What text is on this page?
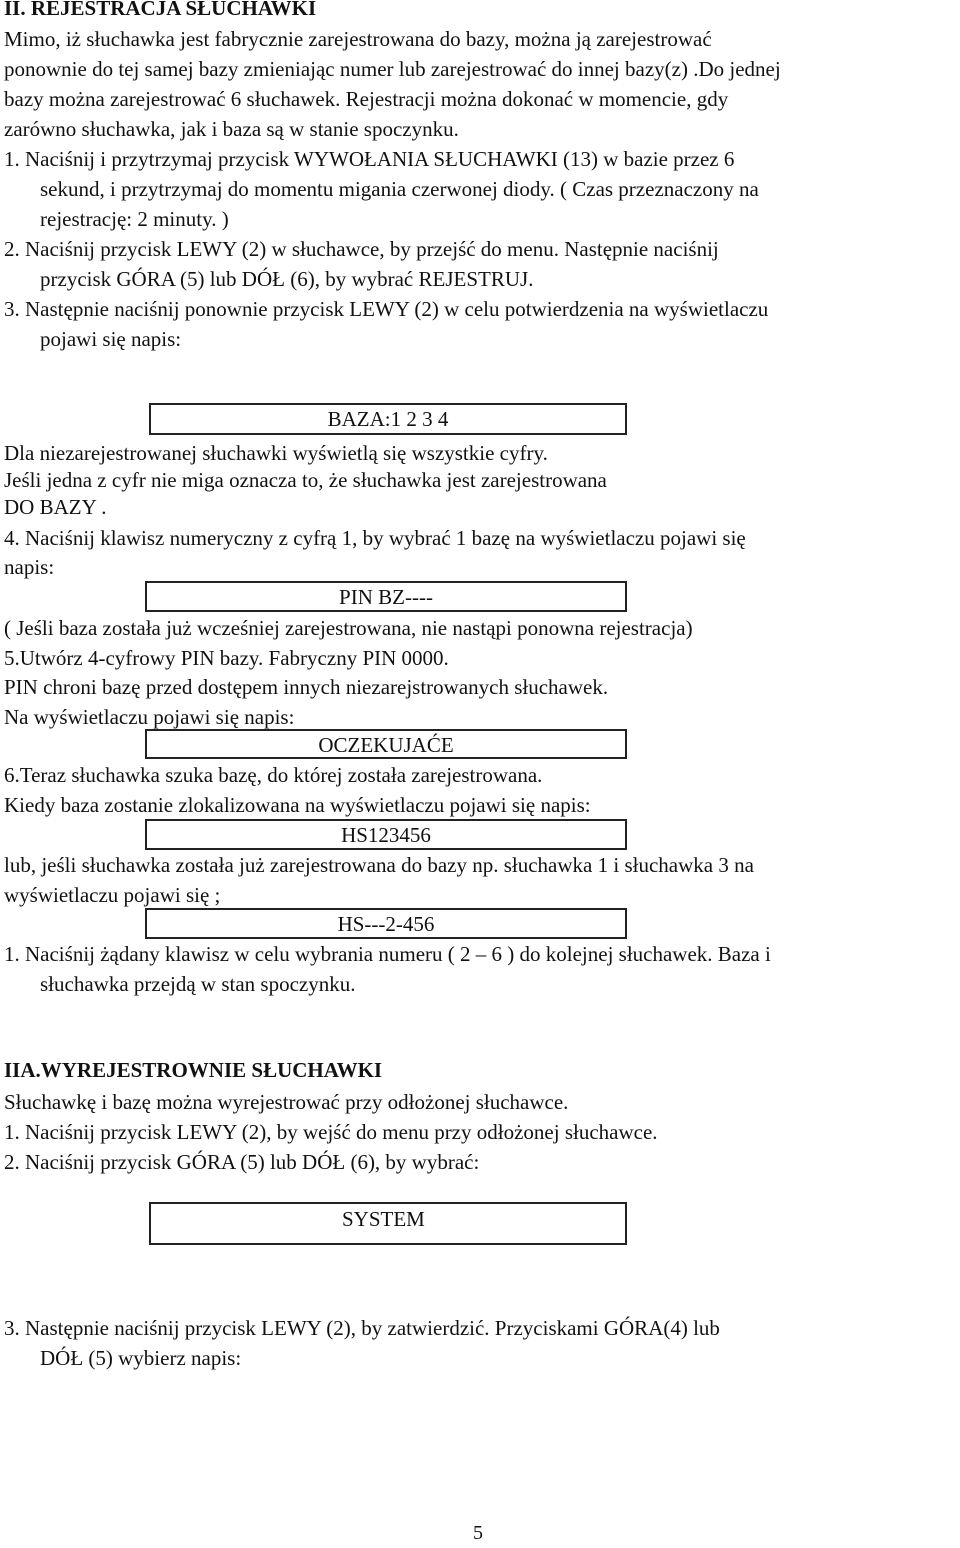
II. REJESTRACJA SŁUCHAWKI
Mimo, iż słuchawka jest fabrycznie zarejestrowana do bazy, można ją zarejestrować
ponownie do tej samej bazy zmieniając numer lub zarejestrować do innej bazy(z) .Do jednej
bazy można zarejestrować 6 słuchawek. Rejestracji można dokonać w momencie, gdy
zarówno słuchawka, jak i baza są w stanie spoczynku.
1. Naciśnij i przytrzymaj przycisk WYWOŁANIA SŁUCHAWKI (13) w bazie przez 6
sekund, i przytrzymaj do momentu migania czerwonej diody. ( Czas przeznaczony na
rejestrację: 2 minuty. )
2. Naciśnij przycisk LEWY (2) w słuchawce, by przejść do menu. Następnie naciśnij
przycisk GÓRA (5) lub DÓŁ (6), by wybrać REJESTRUJ.
3. Następnie naciśnij ponownie przycisk LEWY (2) w celu potwierdzenia na wyświetlaczu
pojawi się napis:
BAZA:1 2 3 4
Dla niezarejestrowanej słuchawki wyświetlą się wszystkie cyfry.
Jeśli jedna z cyfr nie miga oznacza to, że słuchawka jest zarejestrowana
DO BAZY .
4. Naciśnij klawisz numeryczny z cyfrą 1, by wybrać 1 bazę na wyświetlaczu pojawi się
napis:
PIN BZ----
( Jeśli baza została już wcześniej zarejestrowana, nie nastąpi ponowna rejestracja)
5.Utwórz 4-cyfrowy PIN bazy. Fabryczny PIN 0000.
PIN chroni bazę przed dostępem innych niezarejstrowanych słuchawek.
Na wyświetlaczu pojawi się napis:
OCZEKUJAĆE
6.Teraz słuchawka szuka bazę, do której została zarejestrowana.
Kiedy baza zostanie zlokalizowana na wyświetlaczu pojawi się napis:
HS123456
lub, jeśli słuchawka została już zarejestrowana do bazy np. słuchawka 1 i słuchawka 3 na
wyświetlaczu pojawi się ;
HS---2-456
1. Naciśnij żądany klawisz w celu wybrania numeru ( 2 – 6 ) do kolejnej słuchawek. Baza i
słuchawka przejdą w stan spoczynku.
IIA.WYREJESTROWNIE SŁUCHAWKI
Słuchawkę i bazę można wyrejestrować przy odłożonej słuchawce.
1. Naciśnij przycisk LEWY (2), by wejść do menu przy odłożonej słuchawce.
2. Naciśnij przycisk GÓRA (5) lub DÓŁ (6), by wybrać:
SYSTEM
3. Następnie naciśnij przycisk LEWY (2), by zatwierdzić. Przyciskami GÓRA(4) lub
DÓŁ (5) wybierz napis:
5
